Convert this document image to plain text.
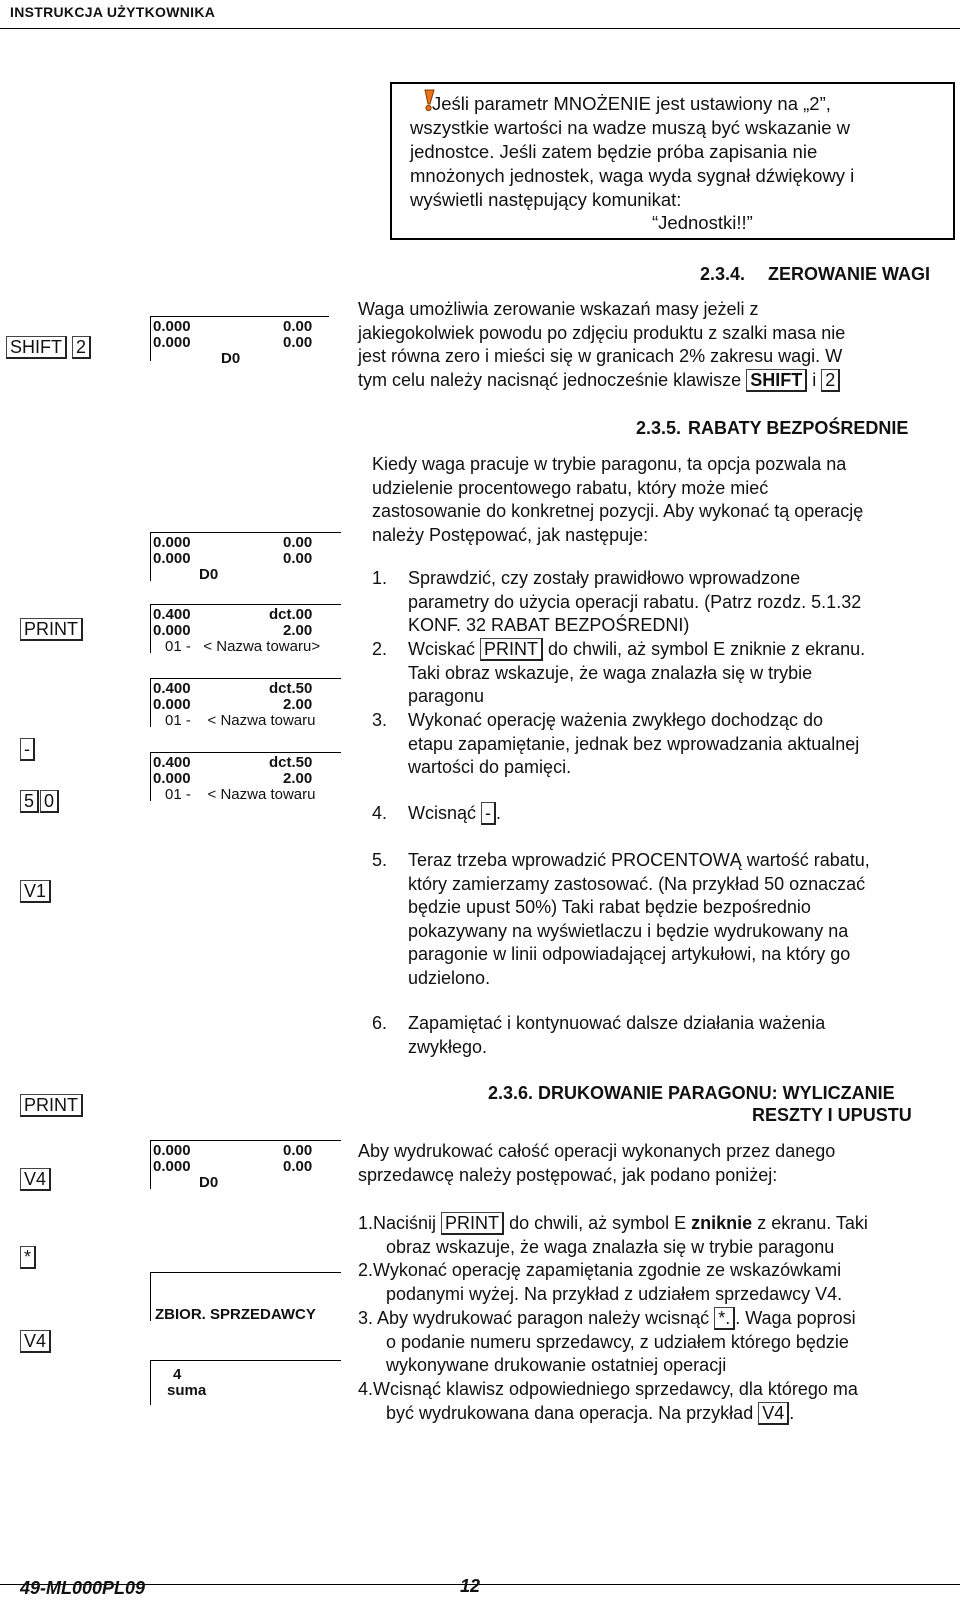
INSTRUKCJA UŻYTKOWNIKA
Jeśli parametr MNOŻENIE jest ustawiony na „2”,
wszystkie wartości na wadze muszą być wskazanie w
jednostce. Jeśli zatem będzie próba zapisania nie
mnożonych jednostek, waga wyda sygnał dźwiękowy i
wyświetli następujący komunikat:
“Jednostki!!”
2.3.4. ZEROWANIE WAGI
SHIFT 2
0.000	0.00
0.000	0.00
D0
Waga umożliwia zerowanie wskazań masy jeżeli z
jakiegokolwiek powodu po zdjęciu produktu z szalki masa nie
jest równa zero i mieści się w granicach 2% zakresu wagi. W
tym celu należy nacisnąć jednocześnie klawisze SHIFT i 2
2.3.5. RABATY BEZPOŚREDNIE
Kiedy waga pracuje w trybie paragonu, ta opcja pozwala na
udzielenie procentowego rabatu, który może mieć
zastosowanie do konkretnej pozycji. Aby wykonać tą operację
należy Postępować, jak następuje:
1. Sprawdzić, czy zostały prawidłowo wprowadzone
parametry do użycia operacji rabatu. (Patrz rozdz. 5.1.32
KONF. 32 RABAT BEZPOŚREDNI)
2. Wciskać PRINT do chwili, aż symbol E zniknie z ekranu.
Taki obraz wskazuje, że waga znalazła się w trybie
paragonu
3. Wykonać operację ważenia zwykłego dochodząc do
etapu zapamiętanie, jednak bez wprowadzania aktualnej
wartości do pamięci.
4. Wcisnąć - .
5. Teraz trzeba wprowadzić PROCENTOWĄ wartość rabatu,
który zamierzamy zastosować. (Na przykład 50 oznaczać
będzie upust 50%) Taki rabat będzie bezpośrednio
pokazywany na wyświetlaczu i będzie wydrukowany na
paragonie w linii odpowiadającej artykułowi, na który go
udzielono.
6. Zapamiętać i kontynuować dalsze działania ważenia
zwykłego.
PRINT
-
5 0
V1
0.000	0.00
0.000	0.00
D0
0.400	dct.00
0.000	2.00
01 -   < Nazwa towaru>
0.400	dct.50
0.000	2.00
01 -    < Nazwa towaru
0.400	dct.50
0.000	2.00
01 -    < Nazwa towaru
2.3.6. DRUKOWANIE PARAGONU: WYLICZANIE
RESZTY I UPUSTU
Aby wydrukować całość operacji wykonanych przez danego
sprzedawcę należy postępować, jak podano poniżej:
1.Naciśnij PRINT do chwili, aż symbol E zniknie z ekranu. Taki
obraz wskazuje, że waga znalazła się w trybie paragonu
2.Wykonać operację zapamiętania zgodnie ze wskazówkami
podanymi wyżej. Na przykład z udziałem sprzedawcy V4.
3. Aby wydrukować paragon należy wcisnąć *. . Waga poprosi
o podanie numeru sprzedawcy, z udziałem którego będzie
wykonywane drukowanie ostatniej operacji
4.Wcisnąć klawisz odpowiedniego sprzedawcy, dla którego ma
być wydrukowana dana operacja. Na przykład V4 .
PRINT
V4
*
V4
0.000	0.00
0.000	0.00
D0
ZBIOR. SPRZEDAWCY
4
suma
49-ML000PL09	12
